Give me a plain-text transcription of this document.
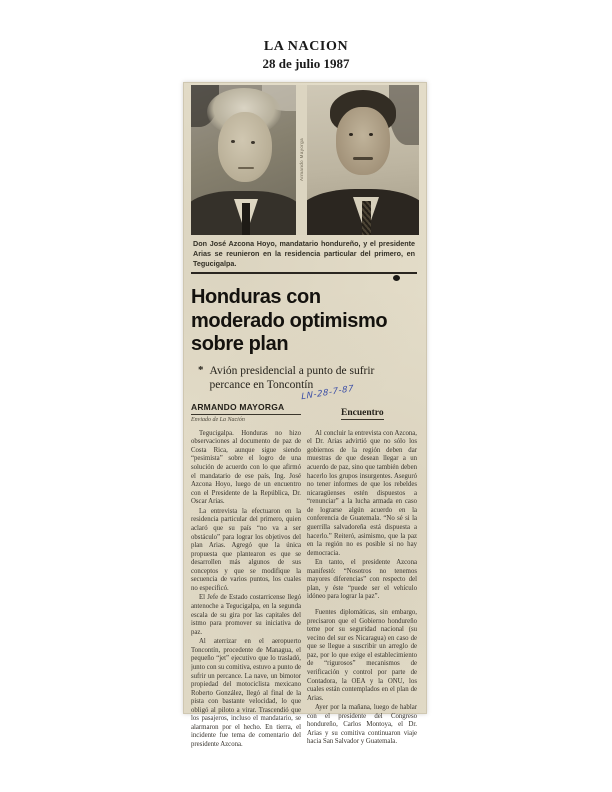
LA NACION
28 de julio 1987
Armando Mayorga
Don José Azcona Hoyo, mandatario hondureño, y el presidente Arias se reunieron en la residencia particular del primero, en Tegucigalpa.
Honduras con moderado optimismo sobre plan
* Avión presidencial a punto de sufrir percance en Toncontín
ARMANDO MAYORGA
Enviado de La Nación
Encuentro
LN-28-7-87

Tegucigalpa. Honduras no hizo observaciones al documento de paz de Costa Rica, aunque sigue siendo “pesimista” sobre el logro de una solución de acuerdo con lo que afirmó el mandatario de ese país, Ing. José Azcona Hoyo, luego de un encuentro con el Presidente de la República, Dr. Oscar Arias.

La entrevista la efectuaron en la residencia particular del primero, quien aclaró que su país “no va a ser obstáculo” para lograr los objetivos del plan Arias. Agregó que la única propuesta que plantearon es que se desarrollen más algunos de sus conceptos y que se modifique la secuencia de varios puntos, los cuales no especificó.

El Jefe de Estado costarricense llegó antenoche a Tegucigalpa, en la segunda escala de su gira por las capitales del istmo para promover su iniciativa de paz.

Al aterrizar en el aeropuerto Toncontín, procedente de Managua, el pequeño “jet” ejecutivo que lo trasladó, junto con su comitiva, estuvo a punto de sufrir un percance. La nave, un bimotor propiedad del motociclista mexicano Roberto González, llegó al final de la pista con bastante velocidad, lo que obligó al piloto a virar. Trascendió que los pasajeros, incluso el mandatario, se alarmaron por el hecho. En tierra, el incidente fue tema de comentario del presidente Azcona.

Al concluir la entrevista con Azcona, el Dr. Arias advirtió que no sólo los gobiernos de la región deben dar muestras de que desean llegar a un acuerdo de paz, sino que también deben hacerlo los grupos insurgentes. Aseguró no tener informes de que los rebeldes nicaragüenses estén dispuestos a “renunciar” a la lucha armada en caso de lograrse algún acuerdo en la conferencia de Guatemala. “No sé si la guerrilla salvadoreña está dispuesta a hacerlo.” Reiteró, asimismo, que la paz en la región no es posible si no hay democracia.

En tanto, el presidente Azcona manifestó: “Nosotros no tenemos mayores diferencias” con respecto del plan, y éste “puede ser el vehículo idóneo para lograr la paz”.

Fuentes diplomáticas, sin embargo, precisaron que el Gobierno hondureño teme por su seguridad nacional (su vecino del sur es Nicaragua) en caso de que se llegue a suscribir un arreglo de paz, por lo que exige el establecimiento de “rigurosos” mecanismos de verificación y control por parte de Contadora, la OEA y la ONU, los cuales están contemplados en el plan de Arias.

Ayer por la mañana, luego de hablar con el presidente del Congreso hondureño, Carlos Montoya, el Dr. Arias y su comitiva continuaron viaje hacia San Salvador y Guatemala.
